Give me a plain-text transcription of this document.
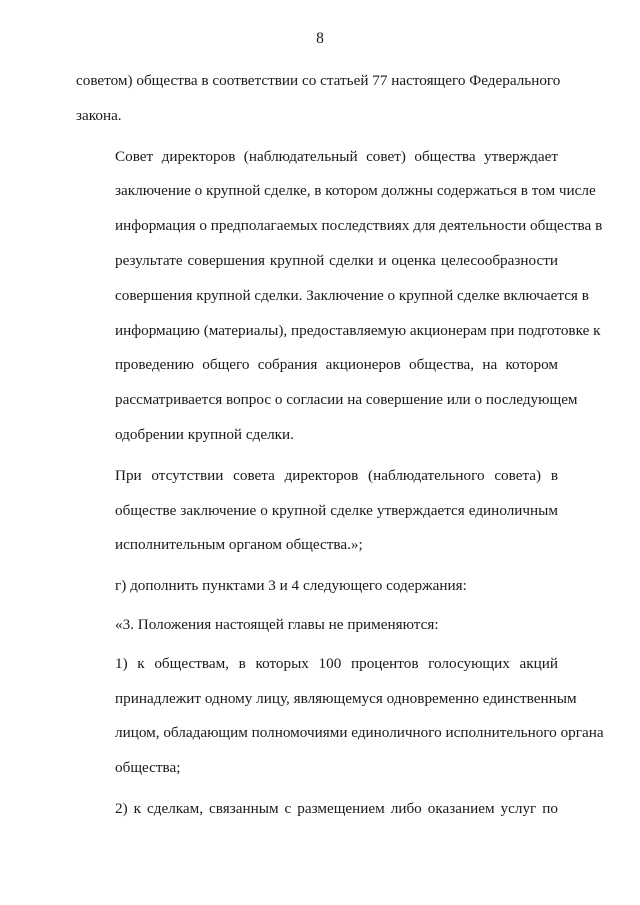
8

советом) общества в соответствии со статьей 77 настоящего Федерального
закона.

Совет директоров (наблюдательный совет) общества утверждает
заключение о крупной сделке, в котором должны содержаться в том числе
информация о предполагаемых последствиях для деятельности общества в
результате совершения крупной сделки и оценка целесообразности
совершения крупной сделки. Заключение о крупной сделке включается в
информацию (материалы), предоставляемую акционерам при подготовке к
проведению общего собрания акционеров общества, на котором
рассматривается вопрос о согласии на совершение или о последующем
одобрении крупной сделки.

При отсутствии совета директоров (наблюдательного совета) в
обществе заключение о крупной сделке утверждается единоличным
исполнительным органом общества.»;

г) дополнить пунктами 3 и 4 следующего содержания:

«3. Положения настоящей главы не применяются:

1) к обществам, в которых 100 процентов голосующих акций
принадлежит одному лицу, являющемуся одновременно единственным
лицом, обладающим полномочиями единоличного исполнительного органа
общества;

2) к сделкам, связанным с размещением либо оказанием услуг по
